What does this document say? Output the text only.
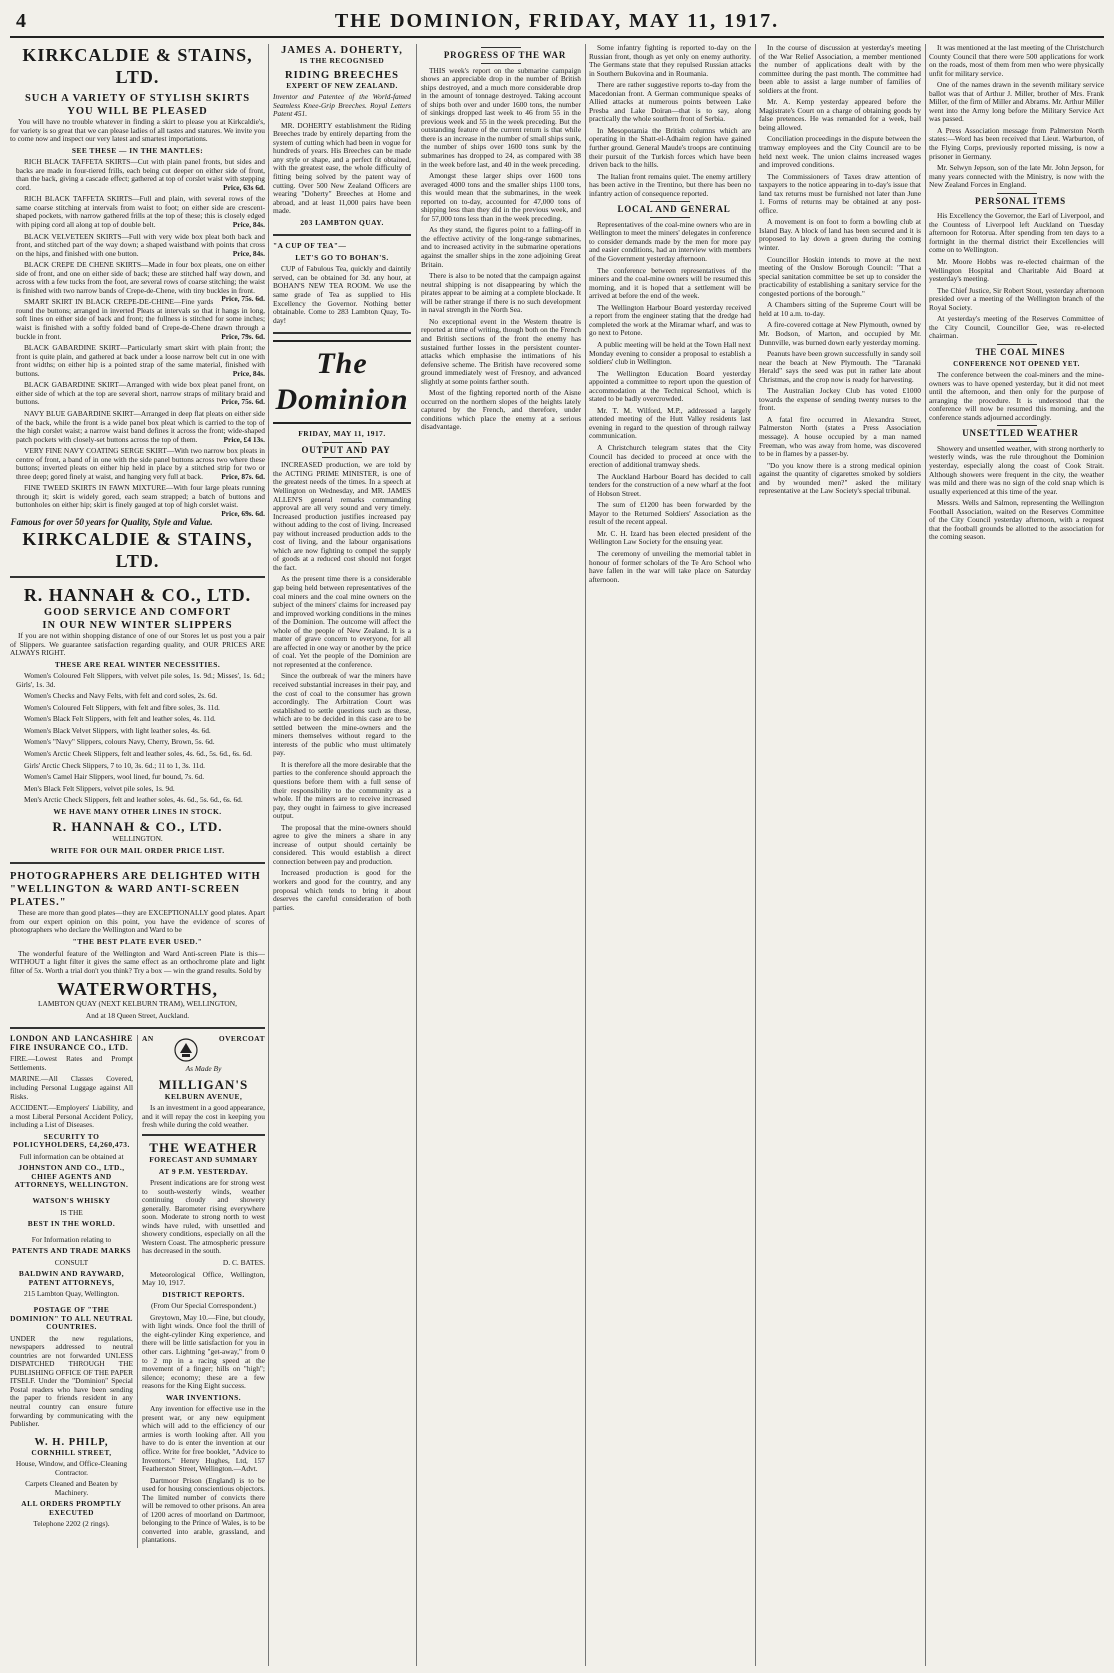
4	THE DOMINION, FRIDAY, MAY 11, 1917.
KIRKCALDIE & STAINS, LTD.
SUCH A VARIETY OF STYLISH SKIRTS
YOU WILL BE PLEASED

You will have no trouble whatever in finding a skirt to please you at Kirkcaldie's, for variety is so great that we can please ladies of all tastes and statures. We invite you to come now and inspect our very latest and smartest importations.

SEE THESE — IN THE MANTLES:

RICH BLACK TAFFETA SKIRTS—Cut with plain panel fronts, but sides and backs are made in four-tiered frills, each being cut deeper on either side of front, than the back, giving a cascade effect; gathered at top of corslet waist with stepping cord.	Price, 63s 6d.

RICH BLACK TAFFETA SKIRTS—Full and plain, with several rows of the same coarse stitching at intervals from waist to foot; on either side are crescent-shaped pockets, with narrow gathered frills at the top of these; this is closely edged with piping cord all along at top of double belt.	Price, 84s.

BLACK VELVETEEN SKIRTS—Full with very wide box pleat both back and front, and stitched part of the way down; a shaped waistband with points that cross on the hips, and finished with one button.	Price, 84s.

BLACK CREPE DE CHENE SKIRTS—Made in four box pleats, one on either side of front, and one on either side of back; these are stitched half way down, and across with a few tucks from the foot, are several rows of coarse stitching; the waist is finished with two narrow bands of Crepe-de-Chene, with tiny buckles in front.
Price, 75s. 6d.

SMART SKIRT IN BLACK CREPE-DE-CHINE—Fine yards round the buttons; arranged in inverted Pleats at intervals so that it hangs in long, soft lines on either side of back and front; the fullness is stitched for some inches; waist is finished with a softly folded band of Crepe-de-Chene drawn through a buckle in front.	Price, 79s. 6d.

BLACK GABARDINE SKIRT—Particularly smart skirt with plain front; the front is quite plain, and gathered at back under a loose narrow belt cut in one with front widths; on either hip is a pointed strap of the same material, finished with buttons.	Price, 84s.

BLACK GABARDINE SKIRT—Arranged with wide box pleat panel front, on either side of which at the top are several short, narrow straps of military braid and buttons.	Price, 75s. 6d.

NAVY BLUE GABARDINE SKIRT—Arranged in deep flat pleats on either side of the back, while the front is a wide panel box pleat which is carried to the top of the high corslet waist; a narrow waist band defines it across the front; wide-shaped patch pockets with closely-set buttons across the top of them.	Price, £4 13s.

VERY FINE NAVY COATING SERGE SKIRT—With two narrow box pleats in centre of front, a band of in one with the side panel buttons across two where these buttons; inverted pleats on either hip held in place by a stitched strip for two or three deep; gored finely at waist, and hanging very full at back.	Price, 87s. 6d.

FINE TWEED SKIRTS IN FAWN MIXTURE—With four large pleats running through it; skirt is widely gored, each seam strapped; a batch of buttons and buttonholes on either hip; skirt is finely gauged at top of high corslet waist.
Price, 69s. 6d.

Famous for over 50 years for Quality, Style and Value.
KIRKCALDIE & STAINS, LTD.
R. HANNAH & CO., LTD.
GOOD SERVICE AND COMFORT
IN OUR NEW WINTER SLIPPERS

If you are not within shopping distance of one of our Stores let us post you a pair of Slippers. We guarantee satisfaction regarding quality, and OUR PRICES ARE ALWAYS RIGHT.

THESE ARE REAL WINTER NECESSITIES.

Women's Coloured Felt Slippers, with velvet pile soles, 1s. 9d.; Misses', 1s. 6d.; Girls', 1s. 3d.

Women's Checks and Navy Felts, with felt and cord soles, 2s. 6d.

Women's Coloured Felt Slippers, with felt and fibre soles, 3s. 11d.

Women's Black Felt Slippers, with felt and leather soles, 4s. 11d.

Women's Black Velvet Slippers, with light leather soles, 4s. 6d.

Women's "Navy" Slippers, colours Navy, Cherry, Brown, 5s. 6d.

Women's Arctic Cheek Slippers, felt and leather soles, 4s. 6d., 5s. 6d., 6s. 6d.

Girls' Arctic Check Slippers, 7 to 10, 3s. 6d.; 11 to 1, 3s. 11d.

Women's Camel Hair Slippers, wool lined, fur bound, 7s. 6d.

Men's Black Felt Slippers, velvet pile soles, 1s. 9d.

Men's Arctic Check Slippers, felt and leather soles, 4s. 6d., 5s. 6d., 6s. 6d.

WE HAVE MANY OTHER LINES IN STOCK.

R. HANNAH & CO., LTD.

WELLINGTON.

WRITE FOR OUR MAIL ORDER PRICE LIST.

PHOTOGRAPHERS ARE DELIGHTED WITH "WELLINGTON & WARD ANTI-SCREEN PLATES."

These are more than good plates—they are EXCEPTIONALLY good plates. Apart from our expert opinion on this point, you have the evidence of scores of photographers who declare the Wellington and Ward to be

"THE BEST PLATE EVER USED."

The wonderful feature of the Wellington and Ward Anti-screen Plate is this—WITHOUT a light filter it gives the same effect as an orthochrome plate and light filter of 5x. Worth a trial don't you think? Try a box — win the grand results. Sold by

WATERWORTHS,

LAMBTON QUAY (NEXT KELBURN TRAM), WELLINGTON,

And at 18 Queen Street, Auckland.

LONDON AND LANCASHIRE FIRE INSURANCE CO., LTD.

FIRE.—Lowest Rates and Prompt Settlements.

MARINE.—All Classes Covered, including Personal Luggage against All Risks.

ACCIDENT.—Employers' Liability, and a most Liberal Personal Accident Policy, including a List of Diseases.

SECURITY TO POLICYHOLDERS, £4,260,473.

Full information can be obtained at

JOHNSTON AND CO., LTD., CHIEF AGENTS AND ATTORNEYS, WELLINGTON.

WATSON'S WHISKY

IS THE

BEST IN THE WORLD.

For Information relating to

PATENTS AND TRADE MARKS

CONSULT

BALDWIN AND RAYWARD, PATENT ATTORNEYS,

215 Lambton Quay, Wellington.

POSTAGE OF "THE DOMINION" TO ALL NEUTRAL COUNTRIES.

UNDER the new regulations, newspapers addressed to neutral countries are not forwarded UNLESS DISPATCHED THROUGH THE PUBLISHING OFFICE OF THE PAPER ITSELF. Under the "Dominion" Special Postal readers who have been sending the paper to friends resident in any neutral country can ensure future forwarding by communicating with the Publisher.

W. H. PHILP,

CORNHILL STREET,

House, Window, and Office-Cleaning Contractor.

Carpets Cleaned and Beaten by Machinery.

ALL ORDERS PROMPTLY EXECUTED

Telephone 2202 (2 rings).

AN	OVERCOAT

As Made By

MILLIGAN'S

KELBURN AVENUE,

Is an investment in a good appearance, and it will repay the cost in keeping you fresh while during the cold weather.

THE WEATHER

FORECAST AND SUMMARY

AT 9 P.M. YESTERDAY.

Present indications are for strong west to south-westerly winds, weather continuing cloudy and showery generally. Barometer rising everywhere soon. Moderate to strong north to west winds have ruled, with unsettled and showery conditions, especially on all the Western Coast. The atmospheric pressure has decreased in the south.

D. C. BATES.

Meteorological Office, Wellington, May 10, 1917.

DISTRICT REPORTS.

(From Our Special Correspondent.)

Greytown, May 10.—Fine, but cloudy, with light winds. Once fool the thrill of the eight-cylinder King experience, and there will be little satisfaction for you in other cars. Lightning "get-away," from 0 to 2 mp in a racing speed at the movement of a finger; hills on "high"; silence; economy; these are a few reasons for the King Eight success.

WAR INVENTIONS.

Any invention for effective use in the present war, or any new equipment which will add to the efficiency of our armies is worth looking after. All you have to do is enter the invention at our office. Write for free booklet, "Advice to Inventors." Henry Hughes, Ltd, 157 Featherston Street, Wellington.—Advt.

Dartmoor Prison (England) is to be used for housing conscientious objectors. The limited number of convicts there will be removed to other prisons. An area of 1200 acres of moorland on Dartmoor, belonging to the Prince of Wales, is to be converted into arable, grassland, and plantations.

JAMES A. DOHERTY,

IS THE RECOGNISED

RIDING BREECHES

EXPERT OF NEW ZEALAND.

Inventor and Patentee of the World-famed Seamless Knee-Grip Breeches. Royal Letters Patent 451.

MR. DOHERTY establishment the Riding Breeches trade by entirely departing from the system of cutting which had been in vogue for hundreds of years. His Breeches can be made any style or shape, and a perfect fit obtained, with the greatest ease, the whole difficulty of fitting being solved by the patent way of cutting. Over 500 New Zealand Officers are wearing "Doherty" Breeches at Home and abroad, and at least 11,000 pairs have been made.

203 LAMBTON QUAY.

"A CUP OF TEA"—

LET'S GO TO BOHAN'S.

CUP of Fabulous Tea, quickly and daintily served, can be obtained for 3d. any hour, at BOHAN'S NEW TEA ROOM. We use the same grade of Tea as supplied to His Excellency the Governor. Nothing better obtainable. Come to 283 Lambton Quay, To-day!

The Dominion

FRIDAY, MAY 11, 1917.

OUTPUT AND PAY

INCREASED production, we are told by the ACTING PRIME MINISTER, is one of the greatest needs of the times. In a speech at Wellington on Wednesday, and MR. JAMES ALLEN'S general remarks commanding approval are all very sound and very timely. Increased production justifies increased pay without adding to the cost of living. Increased pay without increased production adds to the cost of living, and the labour organisations which are now fighting to compel the supply of goods at a reduced cost should not forget the fact.

As the present time there is a considerable gap being held between representatives of the coal miners and the coal mine owners on the subject of the miners' claims for increased pay and improved working conditions in the mines of the Dominion. The outcome will affect the whole of the people of New Zealand. It is a matter of grave concern to everyone, for all are affected in one way or another by the price of coal. Yet the people of the Dominion are not represented at the conference.

Since the outbreak of war the miners have received substantial increases in their pay, and the cost of coal to the consumer has grown accordingly. The Arbitration Court was established to settle questions such as these, which are to be decided in this case are to be settled between the mine-owners and the miners themselves without regard to the interests of the public who must ultimately pay.

It is therefore all the more desirable that the parties to the conference should approach the questions before them with a full sense of their responsibility to the community as a whole. If the miners are to receive increased pay, they ought in fairness to give increased output.

The proposal that the mine-owners should agree to give the miners a share in any increase of output should certainly be considered. This would establish a direct connection between pay and production.

Increased production is good for the workers and good for the country, and any proposal which tends to bring it about deserves the careful consideration of both parties.

PROGRESS OF THE WAR

THIS week's report on the submarine campaign shows an appreciable drop in the number of British ships destroyed, and a much more considerable drop in the amount of tonnage destroyed. Taking account of ships both over and under 1600 tons, the number of sinkings dropped last week to 46 from 55 in the previous week and 55 in the week preceding. But the outstanding feature of the current return is that while there is an increase in the number of small ships sunk, the number of ships over 1600 tons sunk by the submarines has dropped to 24, as compared with 38 in the week before last, and 40 in the week preceding.

Amongst these larger ships over 1600 tons averaged 4000 tons and the smaller ships 1100 tons, this would mean that the submarines, in the week reported on to-day, accounted for 47,000 tons of shipping less than they did in the previous week, and for 57,000 tons less than in the week preceding.

As they stand, the figures point to a falling-off in the effective activity of the long-range submarines, and to increased activity in the submarine operations against the smaller ships in the zone adjoining Great Britain.

There is also to be noted that the campaign against neutral shipping is not disappearing by which the pirates appear to be aiming at a complete blockade. It will be rather strange if there is no such development in naval strength in the North Sea.

No exceptional event in the Western theatre is reported at time of writing, though both on the French and British sections of the front the enemy has sustained further losses in the persistent counter-attacks which emphasise the intimations of his defensive scheme. The British have recovered some ground immediately west of Fresnoy, and advanced slightly at some points farther south.

Most of the fighting reported north of the Aisne occurred on the northern slopes of the heights lately captured by the French, and therefore, under conditions which place the enemy at a serious disadvantage.

Some infantry fighting is reported to-day on the Russian front, though as yet only on enemy authority. The Germans state that they repulsed Russian attacks in Southern Bukovina and in Roumania.

There are rather suggestive reports to-day from the Macedonian front. A German communique speaks of Allied attacks at numerous points between Lake Presba and Lake Doiran—that is to say, along practically the whole southern front of Serbia.

In Mesopotamia the British columns which are operating in the Shatt-el-Adhaim region have gained further ground. General Maude's troops are continuing their pursuit of the Turkish forces which have been driven back to the hills.

The Italian front remains quiet. The enemy artillery has been active in the Trentino, but there has been no infantry action of consequence reported.

LOCAL AND GENERAL

Representatives of the coal-mine owners who are in Wellington to meet the miners' delegates in conference to consider demands made by the men for more pay and easier conditions, had an interview with members of the Government yesterday afternoon.

The conference between representatives of the miners and the coal-mine owners will be resumed this morning, and it is hoped that a settlement will be arrived at before the end of the week.

The Wellington Harbour Board yesterday received a report from the engineer stating that the dredge had completed the work at the Miramar wharf, and was to go next to Petone.

A public meeting will be held at the Town Hall next Monday evening to consider a proposal to establish a soldiers' club in Wellington.

The Wellington Education Board yesterday appointed a committee to report upon the question of accommodation at the Technical School, which is stated to be badly overcrowded.

Mr. T. M. Wilford, M.P., addressed a largely attended meeting of the Hutt Valley residents last evening in regard to the question of through railway communication.

A Christchurch telegram states that the City Council has decided to proceed at once with the erection of additional tramway sheds.

The Auckland Harbour Board has decided to call tenders for the construction of a new wharf at the foot of Hobson Street.

The sum of £1200 has been forwarded by the Mayor to the Returned Soldiers' Association as the result of the recent appeal.

Mr. C. H. Izard has been elected president of the Wellington Law Society for the ensuing year.

The ceremony of unveiling the memorial tablet in honour of former scholars of the Te Aro School who have fallen in the war will take place on Saturday afternoon.

In the course of discussion at yesterday's meeting of the War Relief Association, a member mentioned the number of applications dealt with by the committee during the past month. The committee had been able to assist a large number of families of soldiers at the front.

Mr. A. Kemp yesterday appeared before the Magistrate's Court on a charge of obtaining goods by false pretences. He was remanded for a week, bail being allowed.

Conciliation proceedings in the dispute between the tramway employees and the City Council are to be held next week. The union claims increased wages and improved conditions.

The Commissioners of Taxes draw attention of taxpayers to the notice appearing in to-day's issue that land tax returns must be furnished not later than June 1. Forms of returns may be obtained at any post-office.

A movement is on foot to form a bowling club at Island Bay. A block of land has been secured and it is proposed to lay down a green during the coming winter.

Councillor Hoskin intends to move at the next meeting of the Onslow Borough Council: "That a special sanitation committee be set up to consider the practicability of establishing a sanitary service for the congested portions of the borough."

A Chambers sitting of the Supreme Court will be held at 10 a.m. to-day.

A fire-covered cottage at New Plymouth, owned by Mr. Bodson, of Marton, and occupied by Mr. Dunnville, was burned down early yesterday morning.

Peanuts have been grown successfully in sandy soil near the beach at New Plymouth. The "Taranaki Herald" says the seed was put in rather late about Christmas, and the crop now is ready for harvesting.

The Australian Jockey Club has voted £1000 towards the expense of sending twenty nurses to the front.

A fatal fire occurred in Alexandra Street, Palmerston North (states a Press Association message). A house occupied by a man named Freeman, who was away from home, was discovered to be in flames by a passer-by.

"Do you know there is a strong medical opinion against the quantity of cigarettes smoked by soldiers and by wounded men?" asked the military representative at the Law Society's special tribunal.

It was mentioned at the last meeting of the Christchurch County Council that there were 500 applications for work on the roads, most of them from men who were physically unfit for military service.

One of the names drawn in the seventh military service ballot was that of Arthur J. Miller, brother of Mrs. Frank Miller, of the firm of Miller and Abrams. Mr. Arthur Miller went into the Army long before the Military Service Act was passed.

A Press Association message from Palmerston North states:—Word has been received that Lieut. Warburton, of the Flying Corps, previously reported missing, is now a prisoner in Germany.

Mr. Selwyn Jepson, son of the late Mr. John Jepson, for many years connected with the Ministry, is now with the New Zealand Forces in England.

PERSONAL ITEMS

His Excellency the Governor, the Earl of Liverpool, and the Countess of Liverpool left Auckland on Tuesday afternoon for Rotorua. After spending from ten days to a fortnight in the thermal district their Excellencies will come on to Wellington.

Mr. Moore Hobbs was re-elected chairman of the Wellington Hospital and Charitable Aid Board at yesterday's meeting.

The Chief Justice, Sir Robert Stout, yesterday afternoon presided over a meeting of the Wellington branch of the Royal Society.

At yesterday's meeting of the Reserves Committee of the City Council, Councillor Gee, was re-elected chairman.

THE COAL MINES

CONFERENCE NOT OPENED YET.

The conference between the coal-miners and the mine-owners was to have opened yesterday, but it did not meet until the afternoon, and then only for the purpose of arranging the procedure. It is understood that the conference will now be resumed this morning, and the conference stands adjourned accordingly.

UNSETTLED WEATHER

Showery and unsettled weather, with strong northerly to westerly winds, was the rule throughout the Dominion yesterday, especially along the coast of Cook Strait. Although showers were frequent in the city, the weather was mild and there was no sign of the cold snap which is usually experienced at this time of the year.

Messrs. Wells and Salmon, representing the Wellington Football Association, waited on the Reserves Committee of the City Council yesterday afternoon, with a request that the football grounds be allotted to the association for the coming season.
